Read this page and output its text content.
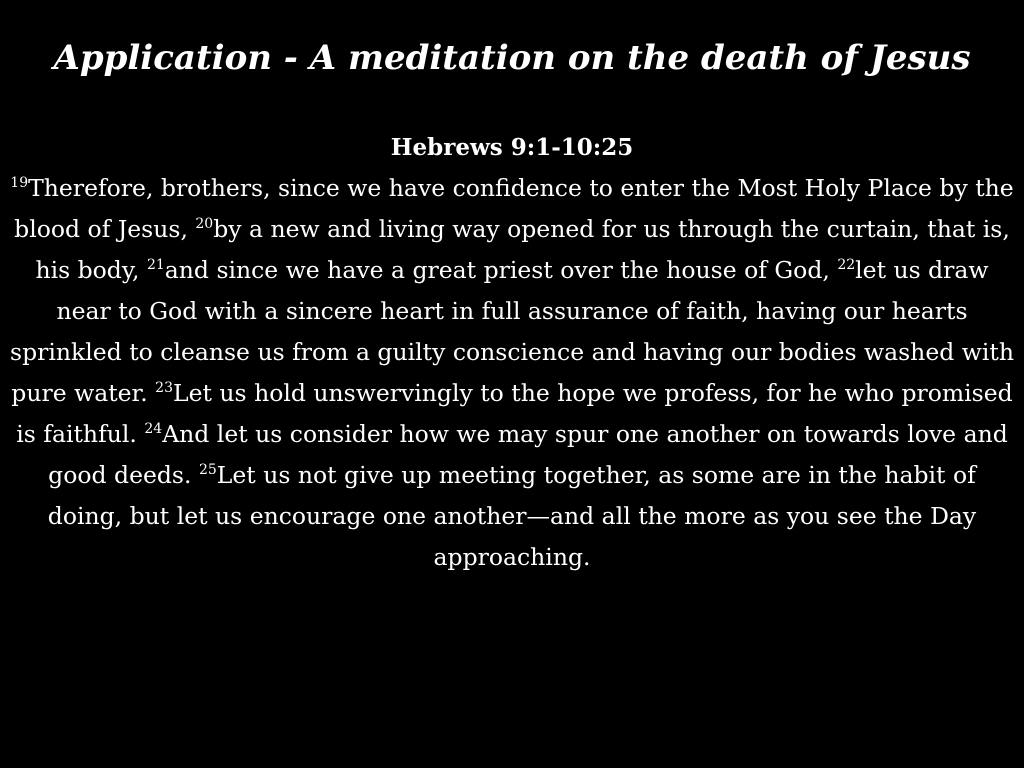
Application - A meditation on the death of Jesus
Hebrews 9:1-10:25

$^{19}$Therefore, brothers, since we have confidence to enter the Most Holy Place by the blood of Jesus, $^{20}$by a new and living way opened for us through the curtain, that is, his body, $^{21}$and since we have a great priest over the house of God, $^{22}$let us draw near to God with a sincere heart in full assurance of faith, having our hearts sprinkled to cleanse us from a guilty conscience and having our bodies washed with pure water. $^{23}$Let us hold unswervingly to the hope we profess, for he who promised is faithful. $^{24}$And let us consider how we may spur one another on towards love and good deeds. $^{25}$Let us not give up meeting together, as some are in the habit of doing, but let us encourage one another—and all the more as you see the Day approaching.
